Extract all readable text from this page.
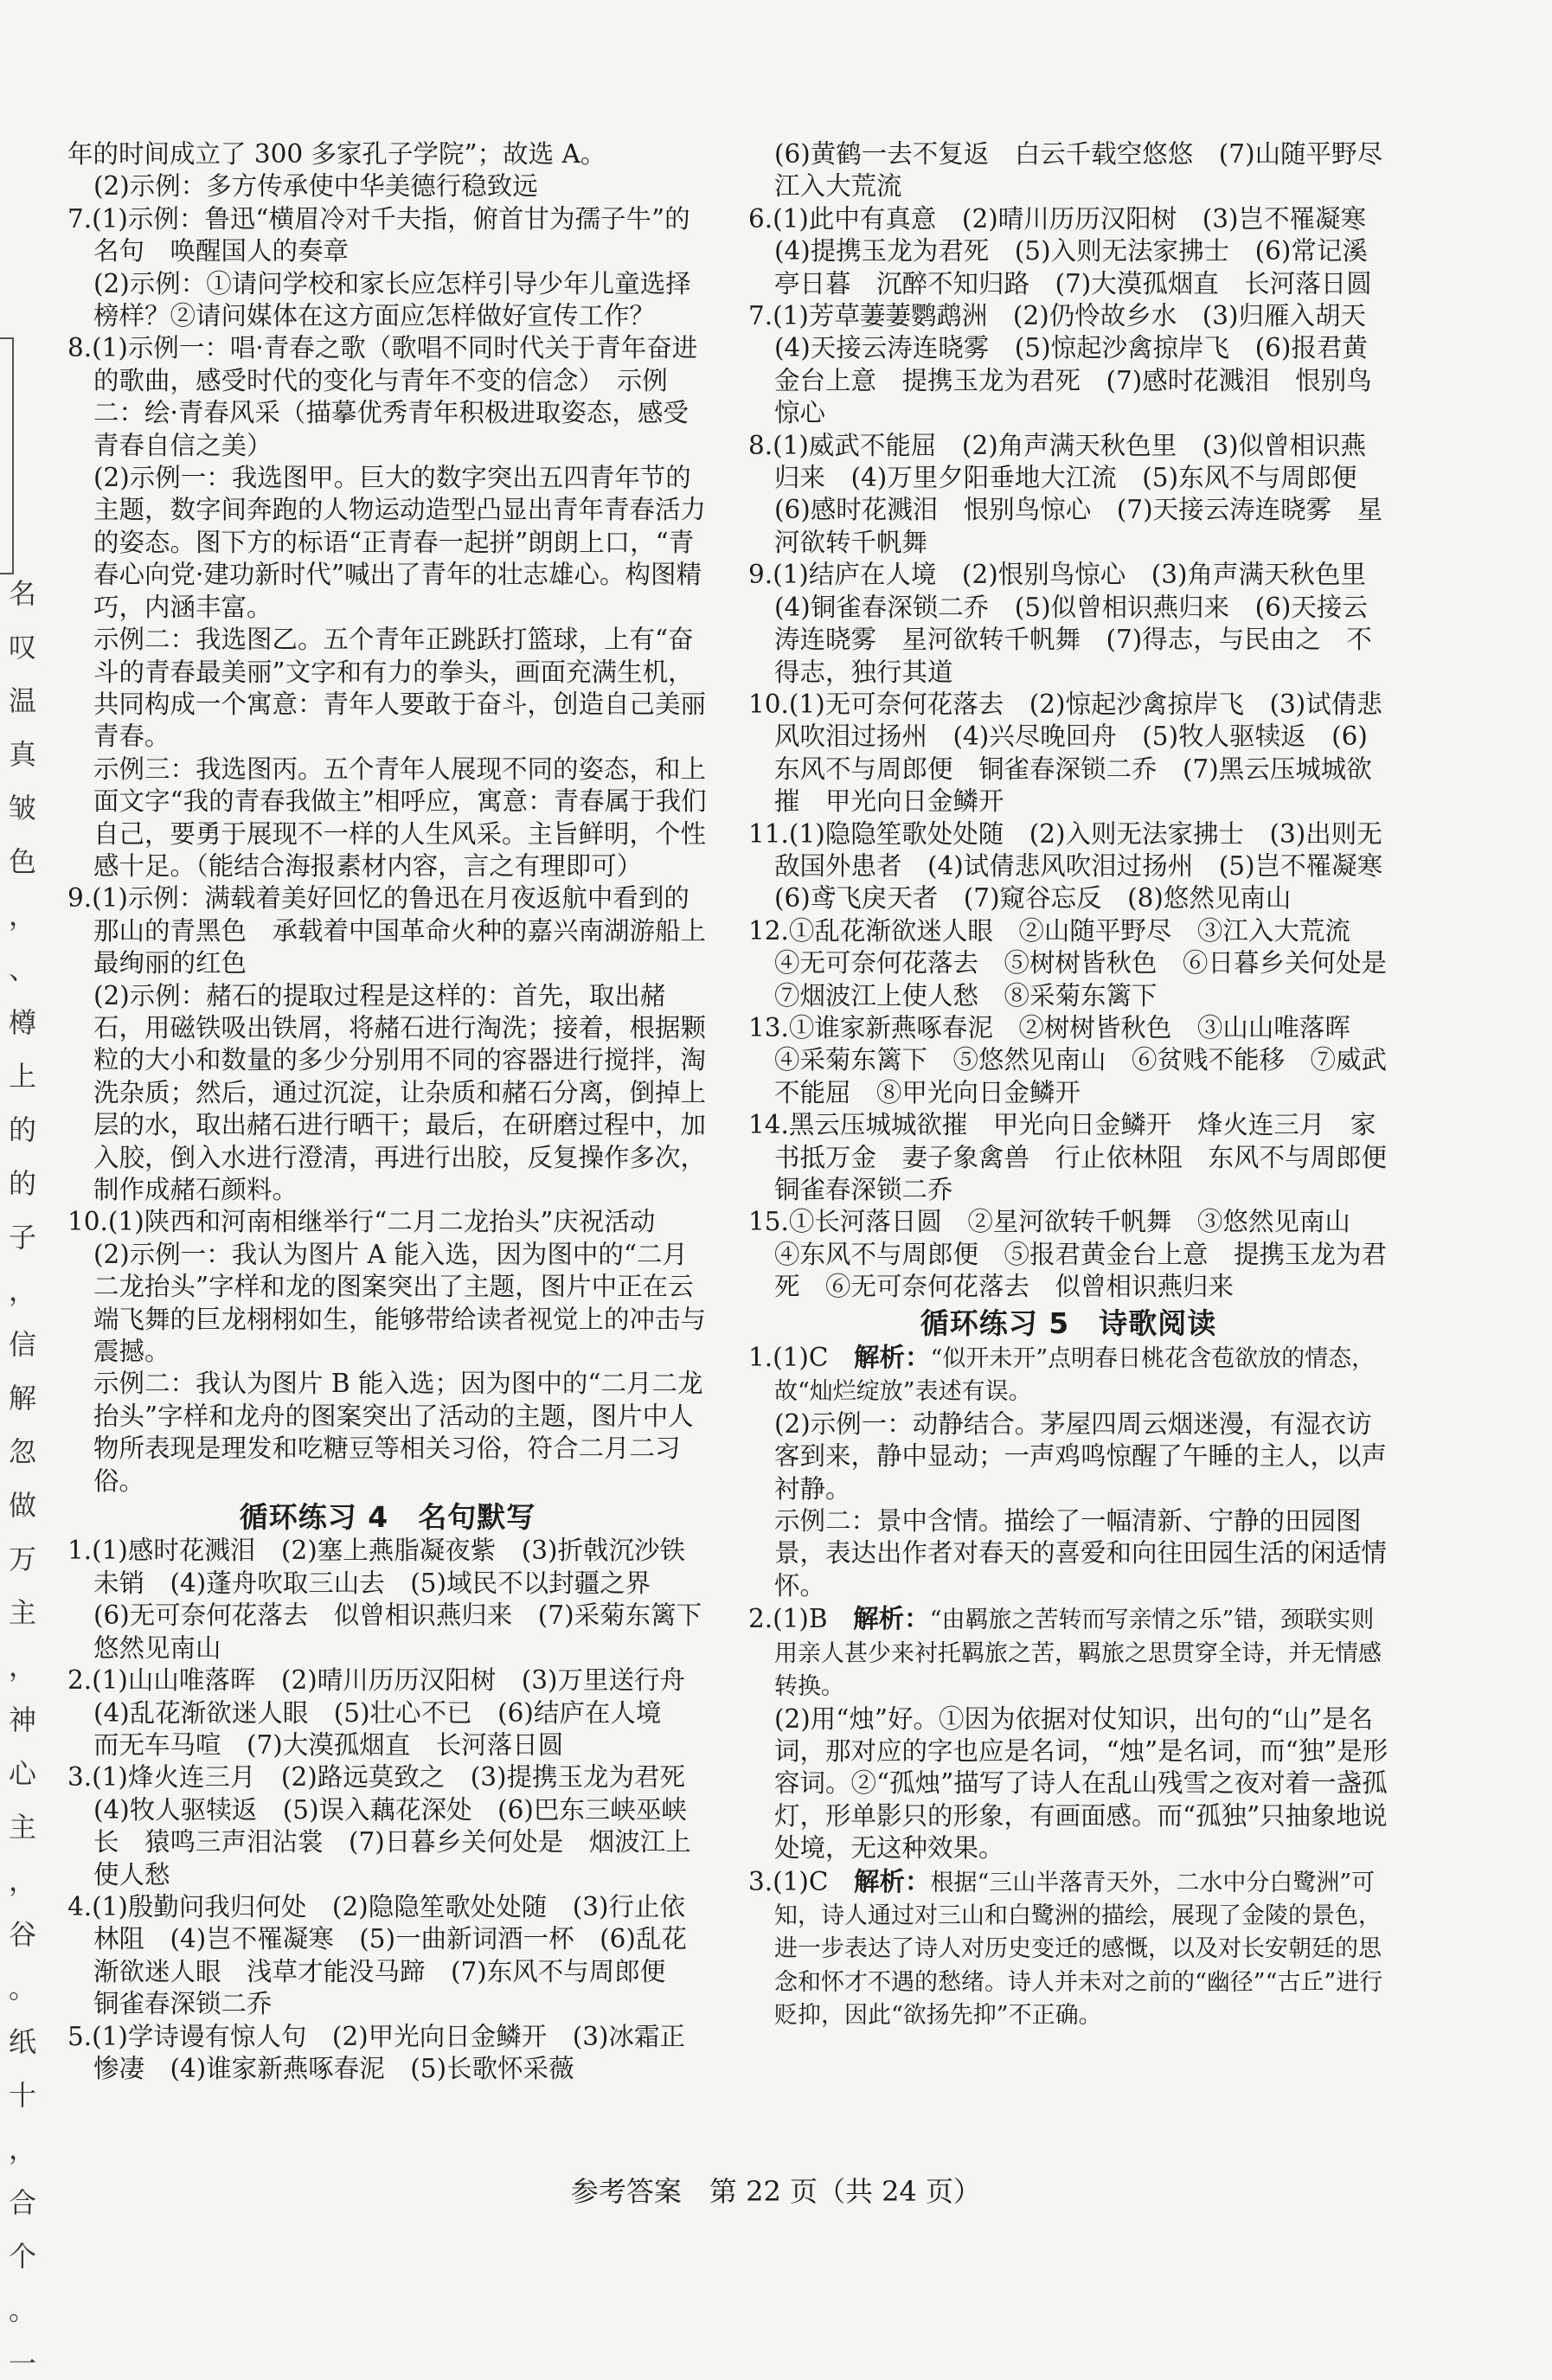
名
叹
温
真
皱
色
，
、
樽
上
的
的
子
，
信
解
忽
做
万
主
，
神
心
主
，
谷
。
纸
十
，
合
个
。
一

年的时间成立了 300 多家孔子学院”；故选 A。

(2)示例：多方传承使中华美德行稳致远

7.(1)示例：鲁迅“横眉冷对千夫指，俯首甘为孺子牛”的名句　唤醒国人的奏章

(2)示例：①请问学校和家长应怎样引导少年儿童选择榜样？②请问媒体在这方面应怎样做好宣传工作？

8.(1)示例一：唱·青春之歌（歌唱不同时代关于青年奋进的歌曲，感受时代的变化与青年不变的信念）　示例二：绘·青春风采（描摹优秀青年积极进取姿态，感受青春自信之美）

(2)示例一：我选图甲。巨大的数字突出五四青年节的主题，数字间奔跑的人物运动造型凸显出青年青春活力的姿态。图下方的标语“正青春一起拼”朗朗上口，“青春心向党·建功新时代”喊出了青年的壮志雄心。构图精巧，内涵丰富。

示例二：我选图乙。五个青年正跳跃打篮球，上有“奋斗的青春最美丽”文字和有力的拳头，画面充满生机，共同构成一个寓意：青年人要敢于奋斗，创造自己美丽青春。

示例三：我选图丙。五个青年人展现不同的姿态，和上面文字“我的青春我做主”相呼应，寓意：青春属于我们自己，要勇于展现不一样的人生风采。主旨鲜明，个性感十足。（能结合海报素材内容，言之有理即可）

9.(1)示例：满载着美好回忆的鲁迅在月夜返航中看到的那山的青黑色　承载着中国革命火种的嘉兴南湖游船上最绚丽的红色

(2)示例：赭石的提取过程是这样的：首先，取出赭石，用磁铁吸出铁屑，将赭石进行淘洗；接着，根据颗粒的大小和数量的多少分别用不同的容器进行搅拌，淘洗杂质；然后，通过沉淀，让杂质和赭石分离，倒掉上层的水，取出赭石进行晒干；最后，在研磨过程中，加入胶，倒入水进行澄清，再进行出胶，反复操作多次，制作成赭石颜料。

10.(1)陕西和河南相继举行“二月二龙抬头”庆祝活动

(2)示例一：我认为图片 A 能入选，因为图中的“二月二龙抬头”字样和龙的图案突出了主题，图片中正在云端飞舞的巨龙栩栩如生，能够带给读者视觉上的冲击与震撼。

示例二：我认为图片 B 能入选；因为图中的“二月二龙抬头”字样和龙舟的图案突出了活动的主题，图片中人物所表现是理发和吃糖豆等相关习俗，符合二月二习俗。

循环练习 4　名句默写

1.(1)感时花溅泪　(2)塞上燕脂凝夜紫　(3)折戟沉沙铁未销　(4)蓬舟吹取三山去　(5)域民不以封疆之界　(6)无可奈何花落去　似曾相识燕归来　(7)采菊东篱下　悠然见南山

2.(1)山山唯落晖　(2)晴川历历汉阳树　(3)万里送行舟　(4)乱花渐欲迷人眼　(5)壮心不已　(6)结庐在人境　而无车马喧　(7)大漠孤烟直　长河落日圆

3.(1)烽火连三月　(2)路远莫致之　(3)提携玉龙为君死　(4)牧人驱犊返　(5)误入藕花深处　(6)巴东三峡巫峡长　猿鸣三声泪沾裳　(7)日暮乡关何处是　烟波江上使人愁

4.(1)殷勤问我归何处　(2)隐隐笙歌处处随　(3)行止依林阻　(4)岂不罹凝寒　(5)一曲新词酒一杯　(6)乱花渐欲迷人眼　浅草才能没马蹄　(7)东风不与周郎便　铜雀春深锁二乔

5.(1)学诗谩有惊人句　(2)甲光向日金鳞开　(3)冰霜正惨凄　(4)谁家新燕啄春泥　(5)长歌怀采薇

(6)黄鹤一去不复返　白云千载空悠悠　(7)山随平野尽　江入大荒流

6.(1)此中有真意　(2)晴川历历汉阳树　(3)岂不罹凝寒　(4)提携玉龙为君死　(5)入则无法家拂士　(6)常记溪亭日暮　沉醉不知归路　(7)大漠孤烟直　长河落日圆

7.(1)芳草萋萋鹦鹉洲　(2)仍怜故乡水　(3)归雁入胡天　(4)天接云涛连晓雾　(5)惊起沙禽掠岸飞　(6)报君黄金台上意　提携玉龙为君死　(7)感时花溅泪　恨别鸟惊心

8.(1)威武不能屈　(2)角声满天秋色里　(3)似曾相识燕归来　(4)万里夕阳垂地大江流　(5)东风不与周郎便　(6)感时花溅泪　恨别鸟惊心　(7)天接云涛连晓雾　星河欲转千帆舞

9.(1)结庐在人境　(2)恨别鸟惊心　(3)角声满天秋色里　(4)铜雀春深锁二乔　(5)似曾相识燕归来　(6)天接云涛连晓雾　星河欲转千帆舞　(7)得志，与民由之　不得志，独行其道

10.(1)无可奈何花落去　(2)惊起沙禽掠岸飞　(3)试倩悲风吹泪过扬州　(4)兴尽晚回舟　(5)牧人驱犊返　(6)东风不与周郎便　铜雀春深锁二乔　(7)黑云压城城欲摧　甲光向日金鳞开

11.(1)隐隐笙歌处处随　(2)入则无法家拂士　(3)出则无敌国外患者　(4)试倩悲风吹泪过扬州　(5)岂不罹凝寒　(6)鸢飞戾天者　(7)窥谷忘反　(8)悠然见南山

12.①乱花渐欲迷人眼　②山随平野尽　③江入大荒流　④无可奈何花落去　⑤树树皆秋色　⑥日暮乡关何处是　⑦烟波江上使人愁　⑧采菊东篱下

13.①谁家新燕啄春泥　②树树皆秋色　③山山唯落晖　④采菊东篱下　⑤悠然见南山　⑥贫贱不能移　⑦威武不能屈　⑧甲光向日金鳞开

14.黑云压城城欲摧　甲光向日金鳞开　烽火连三月　家书抵万金　妻子象禽兽　行止依林阻　东风不与周郎便　铜雀春深锁二乔

15.①长河落日圆　②星河欲转千帆舞　③悠然见南山　④东风不与周郎便　⑤报君黄金台上意　提携玉龙为君死　⑥无可奈何花落去　似曾相识燕归来

循环练习 5　诗歌阅读

1.(1)C　解析：“似开未开”点明春日桃花含苞欲放的情态，故“灿烂绽放”表述有误。

(2)示例一：动静结合。茅屋四周云烟迷漫，有湿衣访客到来，静中显动；一声鸡鸣惊醒了午睡的主人，以声衬静。

示例二：景中含情。描绘了一幅清新、宁静的田园图景，表达出作者对春天的喜爱和向往田园生活的闲适情怀。

2.(1)B　解析：“由羁旅之苦转而写亲情之乐”错，颈联实则用亲人甚少来衬托羁旅之苦，羁旅之思贯穿全诗，并无情感转换。

(2)用“烛”好。①因为依据对仗知识，出句的“山”是名词，那对应的字也应是名词，“烛”是名词，而“独”是形容词。②“孤烛”描写了诗人在乱山残雪之夜对着一盏孤灯，形单影只的形象，有画面感。而“孤独”只抽象地说处境，无这种效果。

3.(1)C　解析：根据“三山半落青天外，二水中分白鹭洲”可知，诗人通过对三山和白鹭洲的描绘，展现了金陵的景色，进一步表达了诗人对历史变迁的感慨，以及对长安朝廷的思念和怀才不遇的愁绪。诗人并未对之前的“幽径”“古丘”进行贬抑，因此“欲扬先抑”不正确。

参考答案　第 22 页（共 24 页）
